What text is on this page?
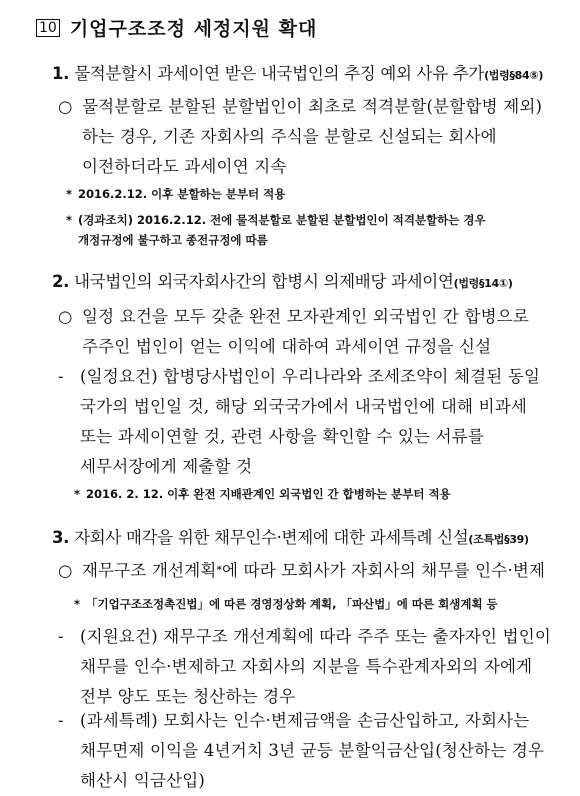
10 기업구조조정 세정지원 확대
1. 물적분할시 과세이연 받은 내국법인의 추징 예외 사유 추가(법령§84⑤)
○ 물적분할로 분할된 분할법인이 최초로 적격분할(분할합병 제외)
하는 경우, 기존 자회사의 주식을 분할로 신설되는 회사에
이전하더라도 과세이연 지속
* 2016.2.12. 이후 분할하는 분부터 적용
* (경과조치) 2016.2.12. 전에 물적분할로 분할된 분할법인이 적격분할하는 경우
개정규정에 불구하고 종전규정에 따름
2. 내국법인의 외국자회사간의 합병시 의제배당 과세이연(법령§14①)
○ 일정 요건을 모두 갖춘 완전 모자관계인 외국법인 간 합병으로
주주인 법인이 얻는 이익에 대하여 과세이연 규정을 신설
- (일정요건) 합병당사법인이 우리나라와 조세조약이 체결된 동일
국가의 법인일 것, 해당 외국국가에서 내국법인에 대해 비과세
또는 과세이연할 것, 관련 사항을 확인할 수 있는 서류를
세무서장에게 제출할 것
* 2016. 2. 12. 이후 완전 지배관계인 외국법인 간 합병하는 분부터 적용
3. 자회사 매각을 위한 채무인수·변제에 대한 과세특례 신설(조특법§39)
○ 재무구조 개선계획*에 따라 모회사가 자회사의 채무를 인수·변제
* 「기업구조조정촉진법」에 따른 경영정상화 계획, 「파산법」에 따른 회생계획 등
- (지원요건) 재무구조 개선계획에 따라 주주 또는 출자자인 법인이
채무를 인수·변제하고 자회사의 지분을 특수관계자외의 자에게
전부 양도 또는 청산하는 경우
- (과세특례) 모회사는 인수·변제금액을 손금산입하고, 자회사는
채무면제 이익을 4년거치 3년 균등 분할익금산입(청산하는 경우
해산시 익금산입)
